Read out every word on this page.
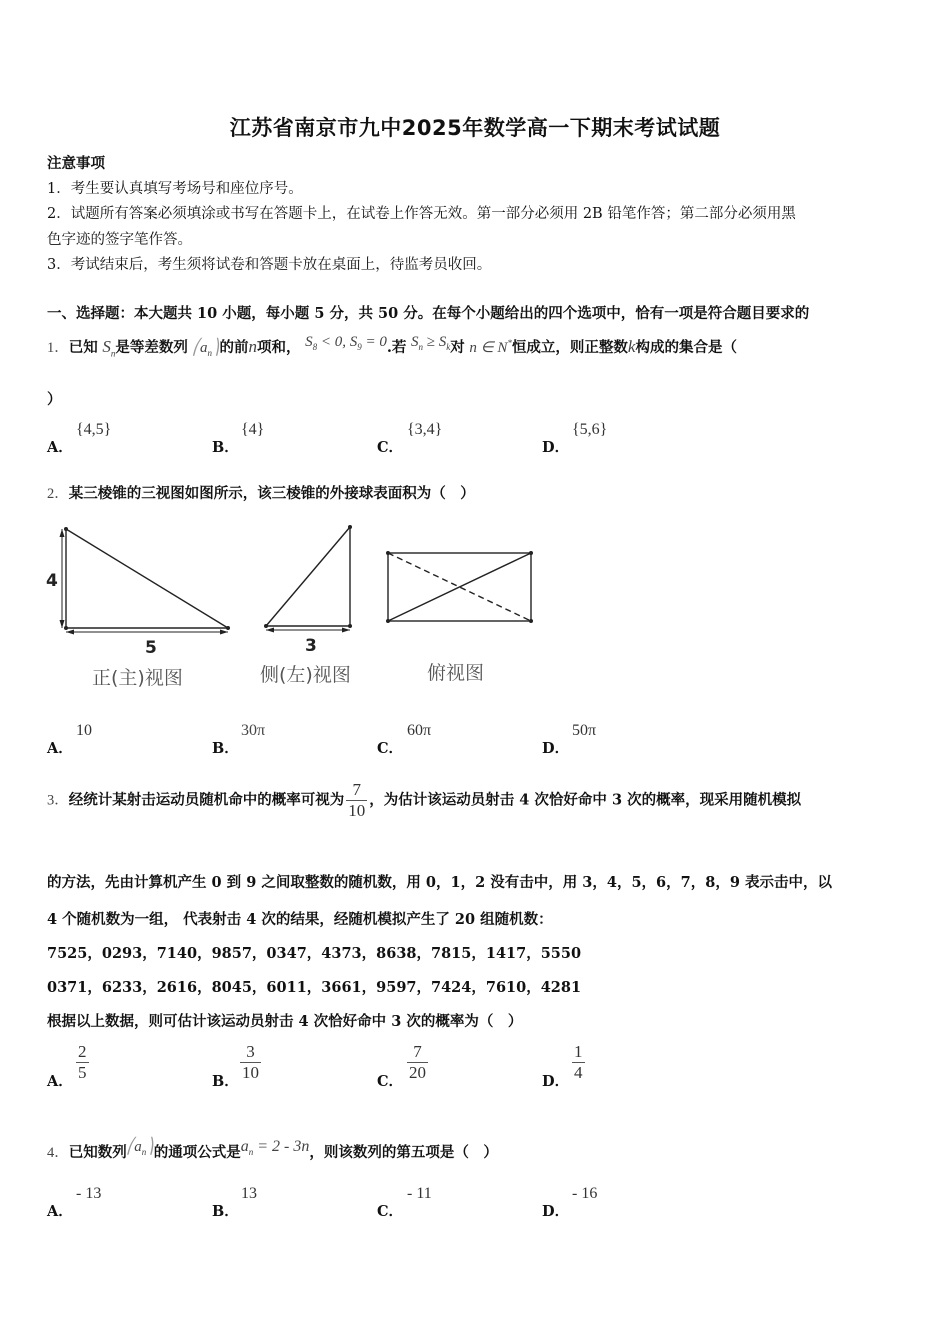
江苏省南京市九中2025年数学高一下期末考试试题
注意事项
1．考生要认真填写考场号和座位序号。
2．试题所有答案必须填涂或书写在答题卡上，在试卷上作答无效。第一部分必须用 2B 铅笔作答；第二部分必须用黑
色字迹的签字笔作答。
3．考试结束后，考生须将试卷和答题卡放在桌面上，待监考员收回。
一、选择题：本大题共 10 小题，每小题 5 分，共 50 分。在每个小题给出的四个选项中，恰有一项是符合题目要求的
1．已知 $S_n$是等差数列 $⎛a_n⎞$的前n项和， $S_8 < 0$, $S_9 = 0$.若 $S_n \ge S_k$对 n ∈ N*恒成立，则正整数k构成的集合是（
）
A．
{4,5}
B．
{4}
C．
{3,4}
D．
{5,6}
2．某三棱锥的三视图如图所示，该三棱锥的外接球表面积为（　）
4
5
正(主)视图
3
侧(左)视图	俯视图
A．
10
B．
30π
C．
60π
D．
50π
3．经统计某射击运动员随机命中的概率可视为 $\frac{7}{10}$ ，为估计该运动员射击 4 次恰好命中 3 次的概率，现采用随机模拟
的方法，先由计算机产生 0 到 9 之间取整数的随机数，用 0，1，2 没有击中，用 3，4，5，6，7，8，9 表示击中，以
4 个随机数为一组， 代表射击 4 次的结果，经随机模拟产生了 20 组随机数：
7525，0293，7140，9857，0347，4373，8638，7815，1417，5550
0371，6233，2616，8045，6011，3661，9597，7424，7610，4281
根据以上数据，则可估计该运动员射击 4 次恰好命中 3 次的概率为（　）
A． $\frac{2}{5}$	B． $\frac{3}{10}$	C． $\frac{7}{20}$	D． $\frac{1}{4}$
4．已知数列$⎛a_n⎞$的通项公式是$a_n = 2 - 3n$，则该数列的第五项是（　）
A．
- 13
B．
13
C．
- 11
D．
- 16
